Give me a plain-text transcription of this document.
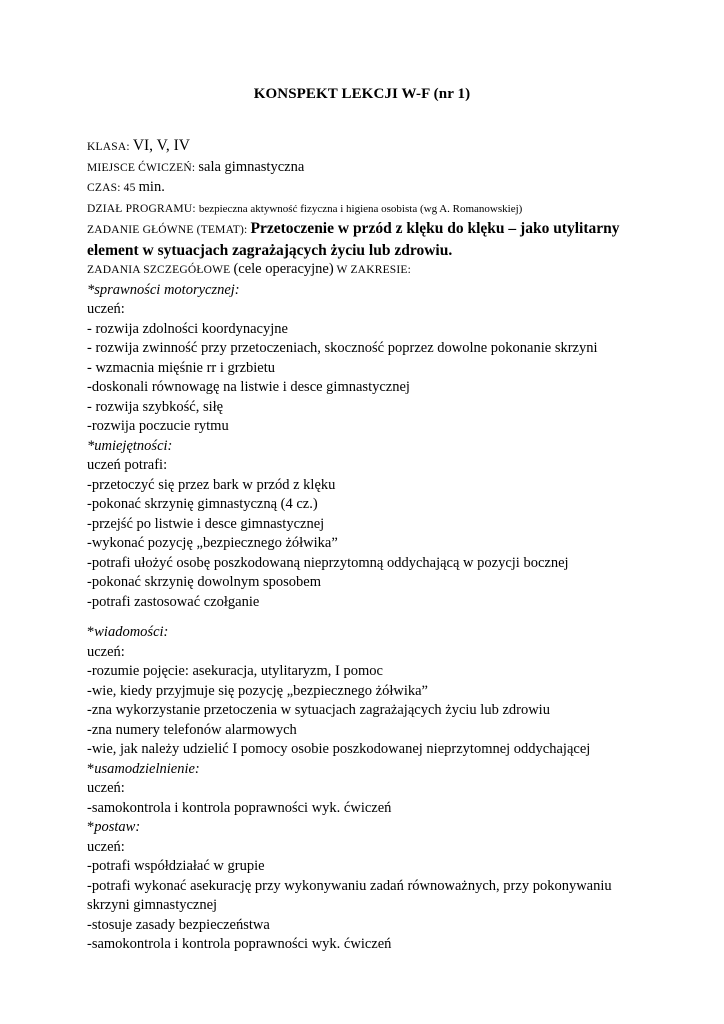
KONSPEKT LEKCJI W-F (nr 1)
KLASA: VI, V, IV
MIEJSCE ĆWICZEŃ: sala gimnastyczna
CZAS: 45 min.
DZIAŁ PROGRAMU: bezpieczna aktywność fizyczna i higiena osobista (wg A. Romanowskiej)
ZADANIE GŁÓWNE (TEMAT): Przetoczenie w przód z klęku do klęku – jako utylitarny
element w sytuacjach zagrażających życiu lub zdrowiu.
ZADANIA SZCZEGÓŁOWE (cele operacyjne) W ZAKRESIE:
*sprawności motorycznej:
uczeń:
- rozwija zdolności koordynacyjne
- rozwija zwinność przy przetoczeniach, skoczność poprzez dowolne pokonanie skrzyni
- wzmacnia mięśnie rr i grzbietu
-doskonali równowagę na listwie i desce gimnastycznej
- rozwija szybkość, siłę
-rozwija poczucie rytmu
*umiejętności:
uczeń potrafi:
-przetoczyć się przez bark w przód z klęku
-pokonać skrzynię gimnastyczną (4 cz.)
-przejść po listwie i desce gimnastycznej
-wykonać pozycję „bezpiecznego żółwika”
-potrafi ułożyć osobę poszkodowaną nieprzytomną oddychającą w pozycji bocznej
-pokonać skrzynię dowolnym sposobem
-potrafi zastosować czołganie
*wiadomości:
uczeń:
-rozumie pojęcie: asekuracja, utylitaryzm, I pomoc
-wie, kiedy przyjmuje się pozycję „bezpiecznego żółwika”
-zna wykorzystanie przetoczenia w sytuacjach zagrażających życiu lub zdrowiu
-zna numery telefonów alarmowych
-wie, jak należy udzielić I pomocy osobie poszkodowanej nieprzytomnej oddychającej
*usamodzielnienie:
uczeń:
-samokontrola i kontrola poprawności wyk. ćwiczeń
*postaw:
uczeń:
-potrafi współdziałać w grupie
-potrafi wykonać asekurację przy wykonywaniu zadań równoważnych, przy pokonywaniu
skrzyni gimnastycznej
-stosuje zasady bezpieczeństwa
-samokontrola i kontrola poprawności wyk. ćwiczeń
